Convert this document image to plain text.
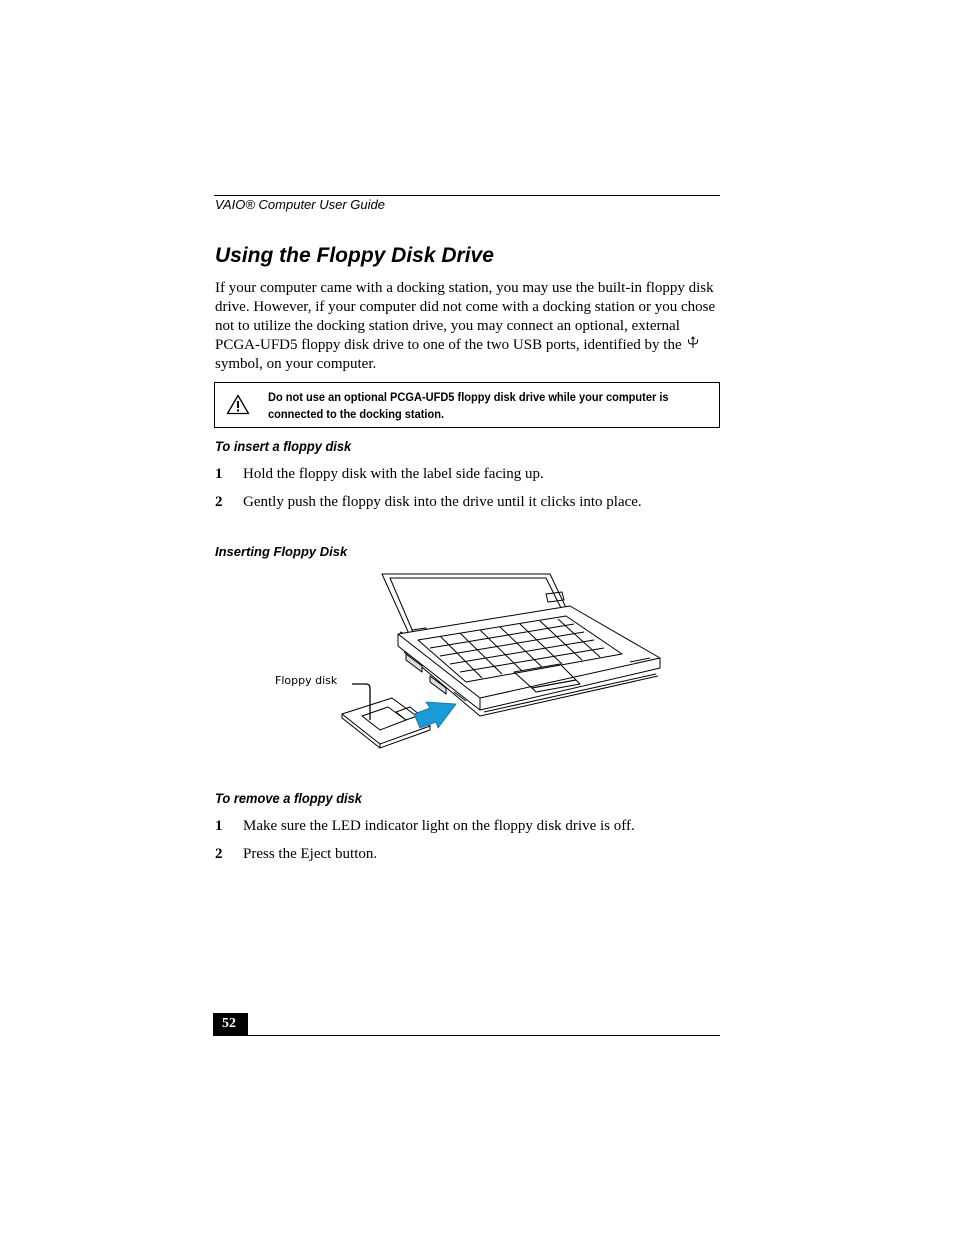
VAIO® Computer User Guide
Using the Floppy Disk Drive

If your computer came with a docking station, you may use the built-in floppy disk drive. However, if your computer did not come with a docking station or you chose not to utilize the docking station drive, you may connect an optional, external PCGA-UFD5 floppy disk drive to one of the two USB ports, identified by the  symbol, on your computer.

Do not use an optional PCGA-UFD5 floppy disk drive while your computer is connected to the docking station.
To insert a floppy disk
1 Hold the floppy disk with the label side facing up.
2 Gently push the floppy disk into the drive until it clicks into place.
Inserting Floppy Disk
Floppy disk
To remove a floppy disk
1 Make sure the LED indicator light on the floppy disk drive is off.
2 Press the Eject button.
52
